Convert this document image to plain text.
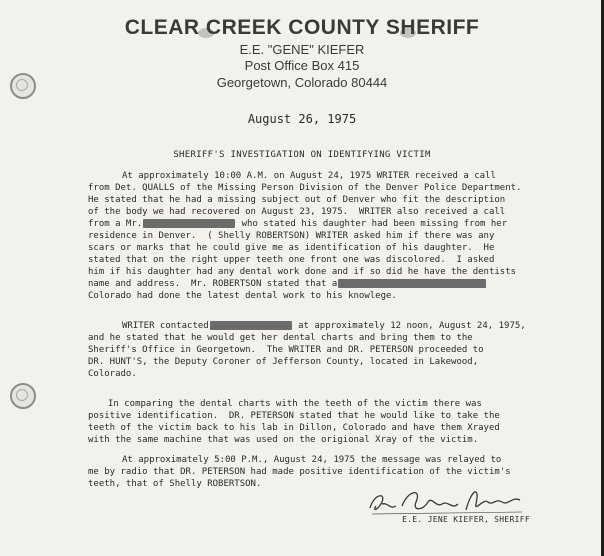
CLEAR CREEK COUNTY SHERIFF
E.E. "GENE" KIEFER
Post Office Box 415
Georgetown, Colorado 80444
August 26, 1975
SHERIFF'S INVESTIGATION ON IDENTIFYING VICTIM
At approximately 10:00 A.M. on August 24, 1975 WRITER received a call
from Det. QUALLS of the Missing Person Division of the Denver Police Department.
He stated that he had a missing subject out of Denver who fit the description
of the body we had recovered on August 23, 1975.  WRITER also received a call
from a Mr.	who stated his daughter had been missing from her
residence in Denver.  ( Shelly ROBERTSON) WRITER asked him if there was any
scars or marks that he could give me as identification of his daughter.  He
stated that on the right upper teeth one front one was discolored.  I asked
him if his daughter had any dental work done and if so did he have the dentists
name and address.  Mr. ROBERTSON stated that a
Colorado had done the latest dental work to his knowlege.
WRITER contacted	at approximately 12 noon, August 24, 1975,
and he stated that he would get her dental charts and bring them to the
Sheriff's Office in Georgetown.  The WRITER and DR. PETERSON proceeded to
DR. HUNT'S, the Deputy Coroner of Jefferson County, located in Lakewood,
Colorado.
In comparing the dental charts with the teeth of the victim there was
positive identification.  DR. PETERSON stated that he would like to take the
teeth of the victim back to his lab in Dillon, Colorado and have them Xrayed
with the same machine that was used on the origional Xray of the victim.
At approximately 5:00 P.M., August 24, 1975 the message was relayed to
me by radio that DR. PETERSON had made positive identification of the victim's
teeth, that of Shelly ROBERTSON.
E.E. JENE KIEFER, SHERIFF
